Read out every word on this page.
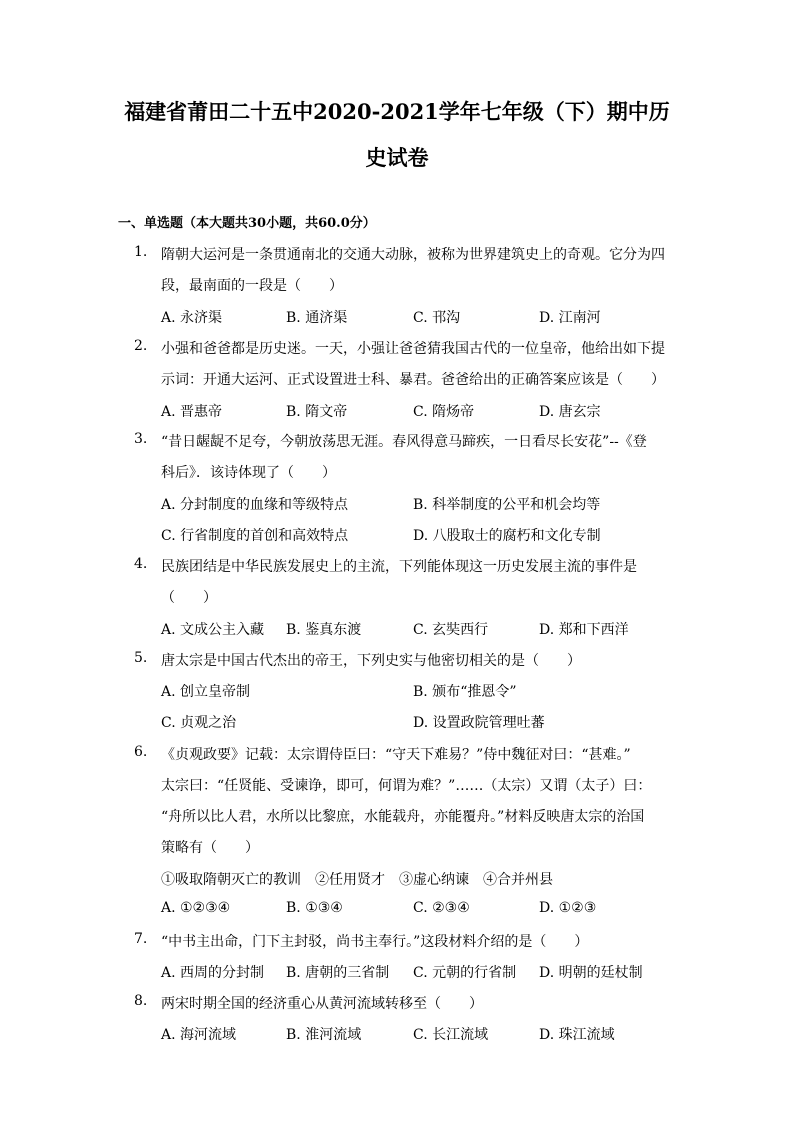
福建省莆田二十五中2020-2021学年七年级（下）期中历
史试卷
一、单选题（本大题共30小题，共60.0分）
1. 隋朝大运河是一条贯通南北的交通大动脉，被称为世界建筑史上的奇观。它分为四
段，最南面的一段是（　　）
A. 永济渠	B. 通济渠	C. 邗沟	D. 江南河
2. 小强和爸爸都是历史迷。一天，小强让爸爸猜我国古代的一位皇帝，他给出如下提
示词：开通大运河、正式设置进士科、暴君。爸爸给出的正确答案应该是（　　）
A. 晋惠帝	B. 隋文帝	C. 隋炀帝	D. 唐玄宗
3. “昔日龌龊不足夸，今朝放荡思无涯。春风得意马蹄疾，一日看尽长安花”--《登
科后》．该诗体现了（　　）
A. 分封制度的血缘和等级特点	B. 科举制度的公平和机会均等
C. 行省制度的首创和高效特点	D. 八股取士的腐朽和文化专制
4. 民族团结是中华民族发展史上的主流，下列能体现这一历史发展主流的事件是
（　　）
A. 文成公主入藏 B. 鉴真东渡	C. 玄奘西行	D. 郑和下西洋
5. 唐太宗是中国古代杰出的帝王，下列史实与他密切相关的是（　　）
A. 创立皇帝制	B. 颁布“推恩令”
C. 贞观之治	D. 设置政院管理吐蕃
6. 《贞观政要》记载：太宗谓侍臣曰：“守天下难易？”侍中魏征对曰：“甚难。”
太宗曰：“任贤能、受谏诤，即可，何谓为难？”……（太宗）又谓（太子）曰：
“舟所以比人君，水所以比黎庶，水能载舟，亦能覆舟。”材料反映唐太宗的治国
策略有（　　）
①吸取隋朝灭亡的教训　②任用贤才　③虚心纳谏　④合并州县
A. ①②③④	B. ①③④	C. ②③④	D. ①②③
7. “中书主出命，门下主封驳，尚书主奉行。”这段材料介绍的是（　　）
A. 西周的分封制 B. 唐朝的三省制 C. 元朝的行省制 D. 明朝的廷杖制
8. 两宋时期全国的经济重心从黄河流域转移至（　　）
A. 海河流域	B. 淮河流域	C. 长江流域	D. 珠江流域
